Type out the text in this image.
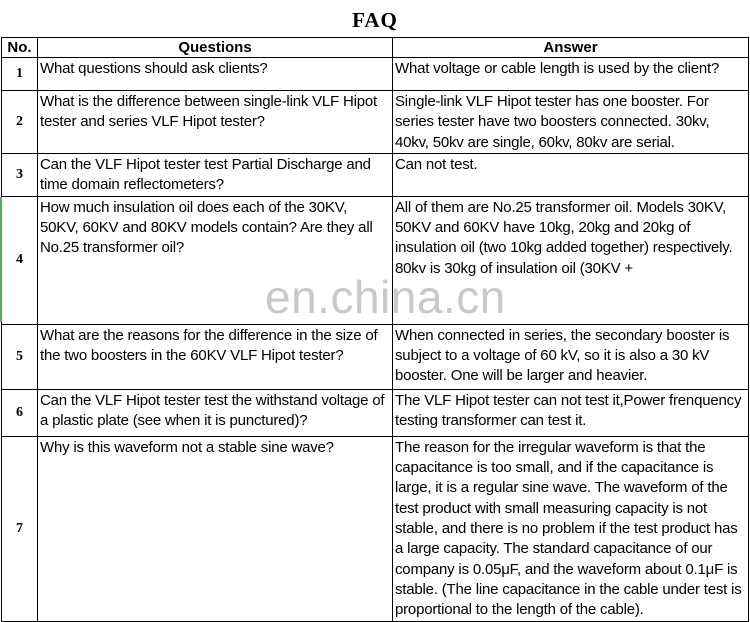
FAQ
No.	Questions	Answer
1	What questions should ask clients?	What voltage or cable length is used by the client?
2	What is the difference between single-link VLF Hipot tester and series VLF Hipot tester?	Single-link VLF Hipot tester has one booster. For series tester have two boosters connected. 30kv, 40kv, 50kv are single, 60kv, 80kv are serial.
3	Can the VLF Hipot tester test Partial Discharge and time domain reflectometers?	Can not test.
4	How much insulation oil does each of the 30KV, 50KV, 60KV and 80KV models contain? Are they all No.25 transformer oil?	All of them are No.25 transformer oil. Models 30KV, 50KV and 60KV have 10kg, 20kg and 20kg of insulation oil (two 10kg added together) respectively. 80kv is 30kg of insulation oil (30KV +

5	What are the reasons for the difference in the size of the two boosters in the 60KV VLF Hipot tester?	When connected in series, the secondary booster is subject to a voltage of 60 kV, so it is also a 30 kV booster. One will be larger and heavier.
6	Can the VLF Hipot tester test the withstand voltage of a plastic plate (see when it is punctured)?	The VLF Hipot tester can not test it,Power frenquency testing transformer can test it.
7	Why is this waveform not a stable sine wave?	The reason for the irregular waveform is that the capacitance is too small, and if the capacitance is large, it is a regular sine wave. The waveform of the test product with small measuring capacity is not stable, and there is no problem if the test product has a large capacity. The standard capacitance of our company is 0.05μF, and the waveform about 0.1μF is stable. (The line capacitance in the cable under test is proportional to the length of the cable).
en.china.cn
